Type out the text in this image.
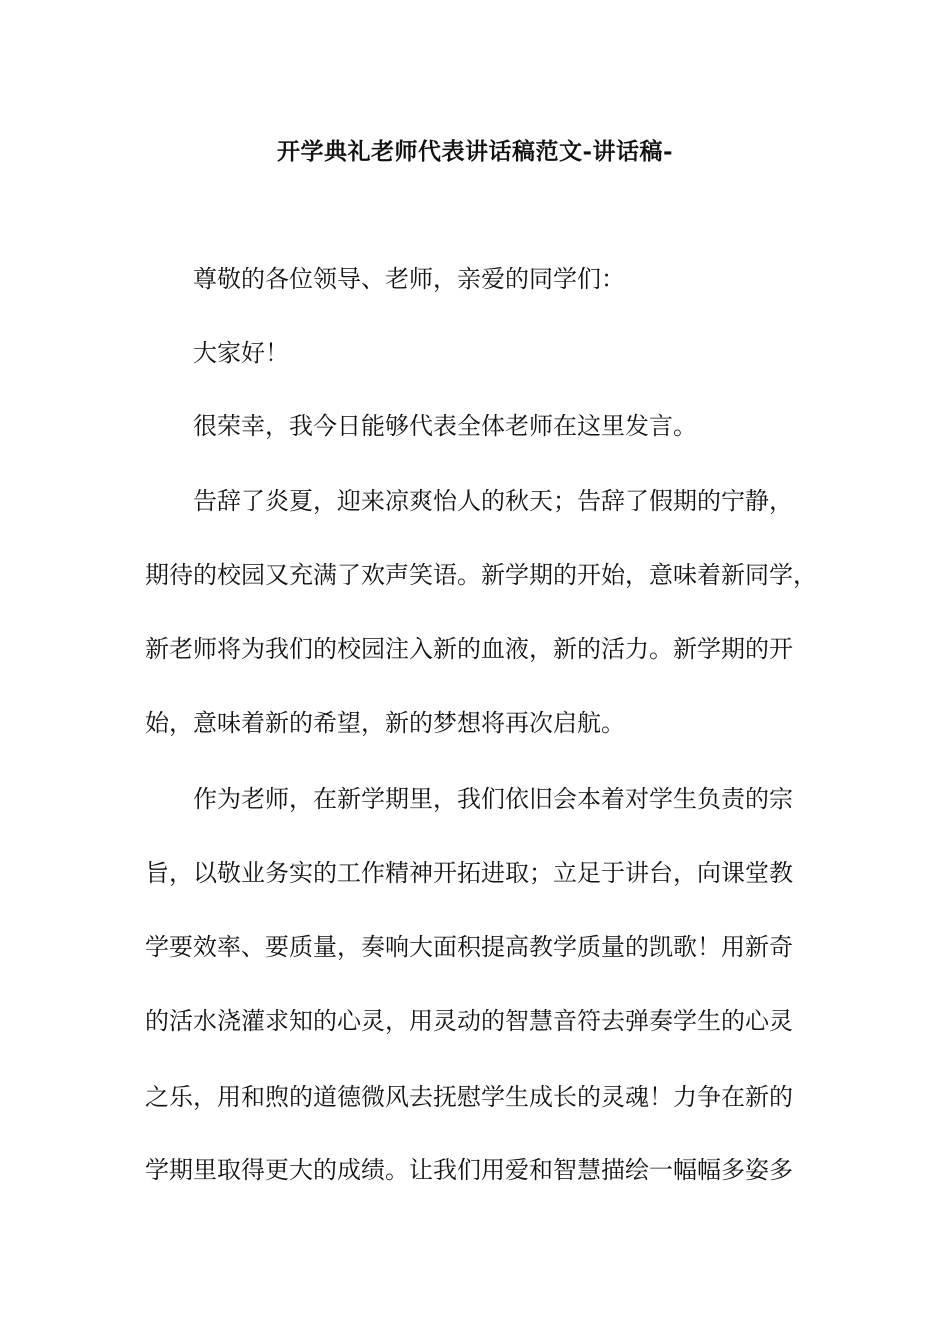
开学典礼老师代表讲话稿范文-讲话稿-
尊敬的各位领导、老师，亲爱的同学们：
大家好！
很荣幸，我今日能够代表全体老师在这里发言。
告辞了炎夏，迎来凉爽怡人的秋天；告辞了假期的宁静，
期待的校园又充满了欢声笑语。新学期的开始，意味着新同学，
新老师将为我们的校园注入新的血液，新的活力。新学期的开
始，意味着新的希望，新的梦想将再次启航。
作为老师，在新学期里，我们依旧会本着对学生负责的宗
旨，以敬业务实的工作精神开拓进取；立足于讲台，向课堂教
学要效率、要质量，奏响大面积提高教学质量的凯歌！用新奇
的活水浇灌求知的心灵，用灵动的智慧音符去弹奏学生的心灵
之乐，用和煦的道德微风去抚慰学生成长的灵魂！力争在新的
学期里取得更大的成绩。让我们用爱和智慧描绘一幅幅多姿多
